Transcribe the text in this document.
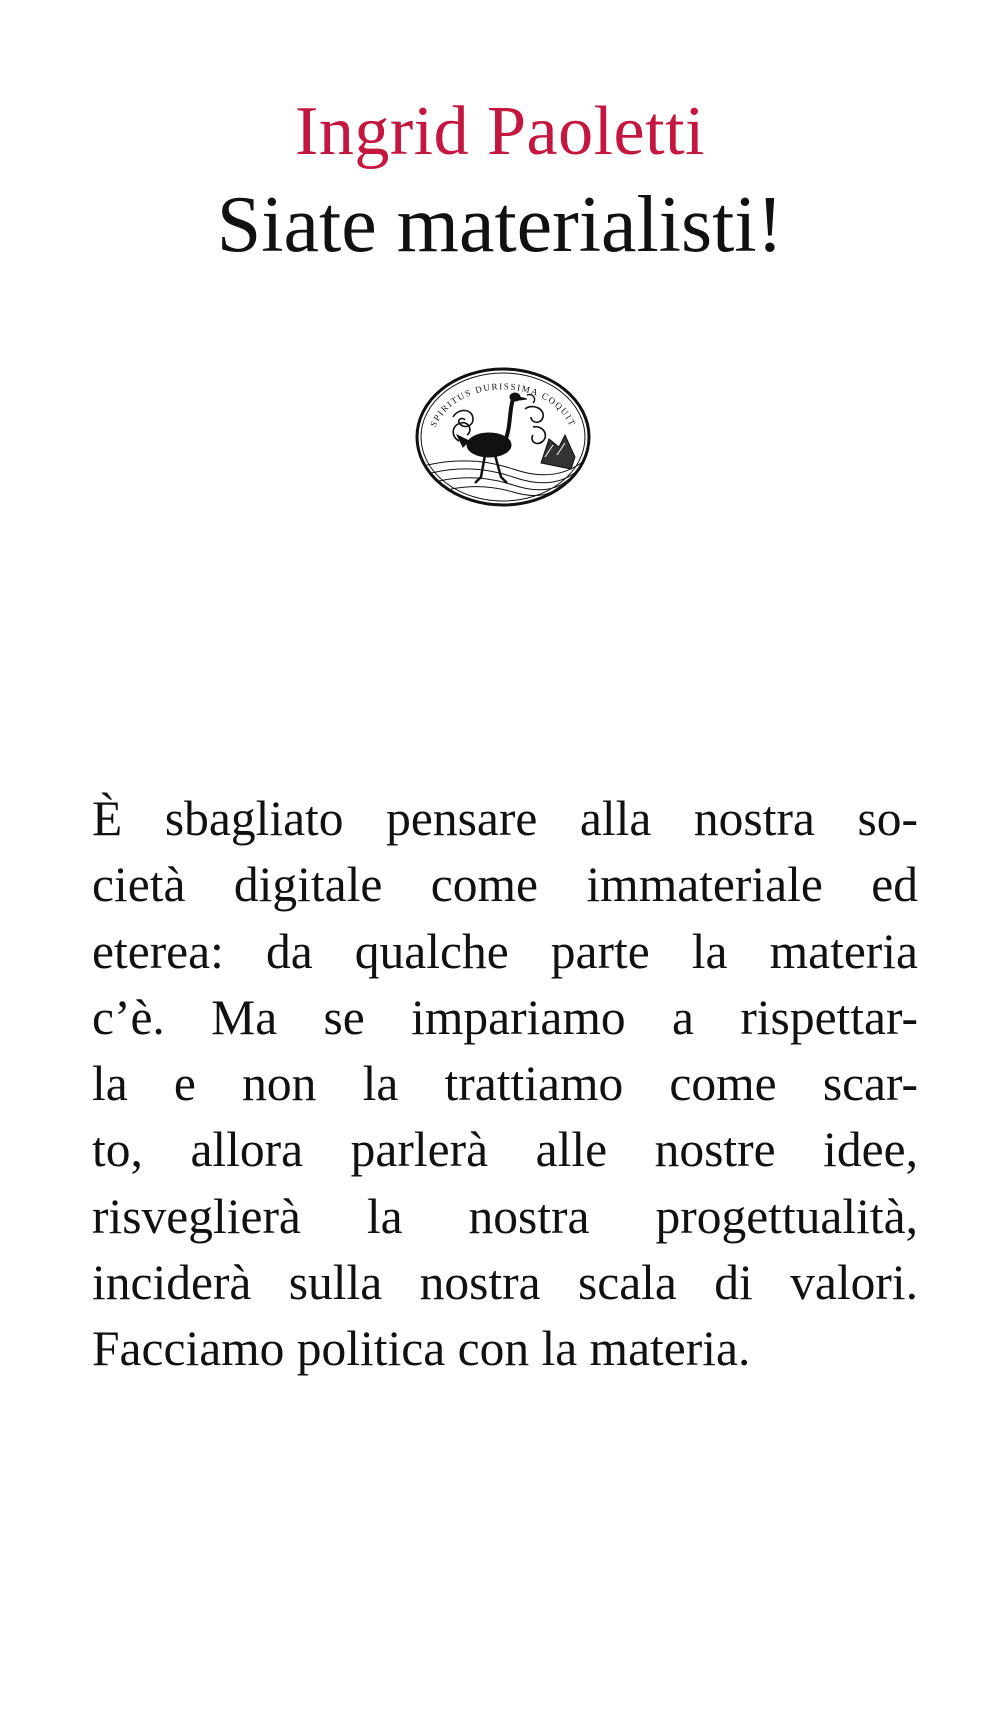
Ingrid Paoletti
Siate materialisti!
SPIRITUS DURISSIMA COQUIT
È sbagliato pensare alla nostra so-
cietà digitale come immateriale ed
eterea: da qualche parte la materia
c’è. Ma se impariamo a rispettar-
la e non la trattiamo come scar-
to, allora parlerà alle nostre idee,
risveglierà la nostra progettualità,
inciderà sulla nostra scala di valori.
Facciamo politica con la materia.
